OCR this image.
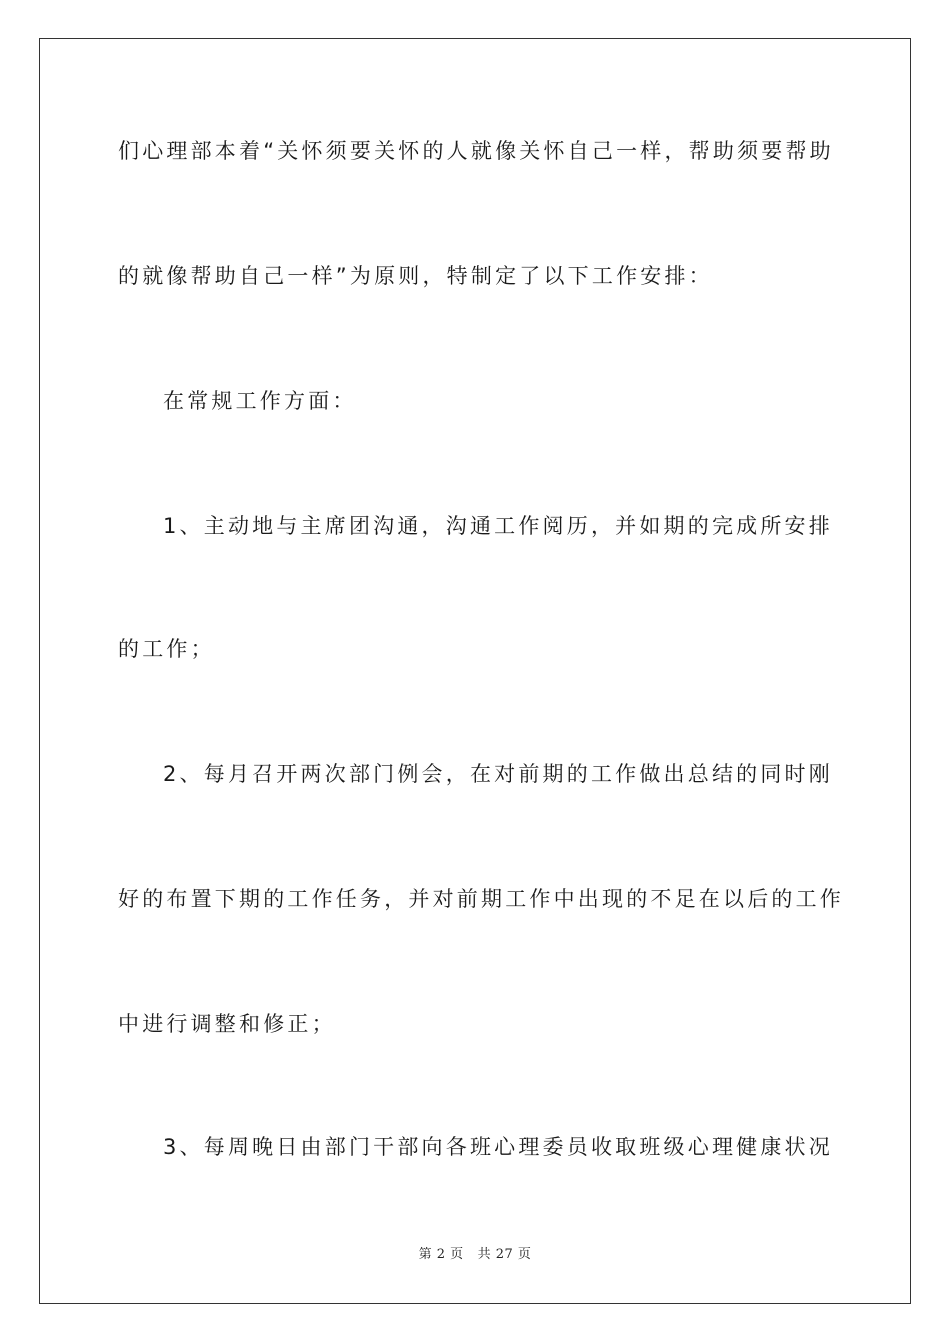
们心理部本着“关怀须要关怀的人就像关怀自己一样，帮助须要帮助
的就像帮助自己一样”为原则，特制定了以下工作安排：
在常规工作方面：
1、主动地与主席团沟通，沟通工作阅历，并如期的完成所安排
的工作；
2、每月召开两次部门例会，在对前期的工作做出总结的同时刚
好的布置下期的工作任务，并对前期工作中出现的不足在以后的工作
中进行调整和修正；
3、每周晚日由部门干部向各班心理委员收取班级心理健康状况
第 2 页 共 27 页
